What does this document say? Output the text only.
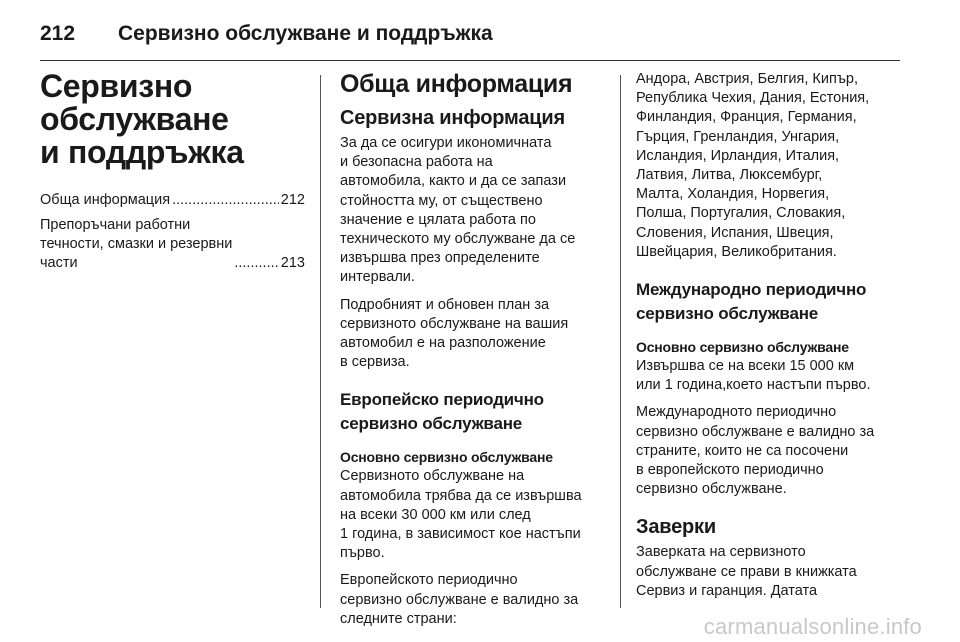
212	Сервизно обслужване и поддръжка
Сервизно
обслужване
и поддръжка
Обща информация .....	212
Препоръчани работни
течности, смазки и резервни
части .....	213
Обща информация
Сервизна информация

За да се осигури икономичната
и безопасна работа на
автомобила, както и да се запази
стойността му, от съществено
значение е цялата работа по
техническото му обслужване да се
извършва през определените
интервали.

Подробният и обновен план за
сервизното обслужване на вашия
автомобил е на разположение
в сервиза.

Европейско периодично
сервизно обслужване
Основно сервизно обслужване

Сервизното обслужване на
автомобила трябва да се извършва
на всеки 30 000 км или след
1 година, в зависимост кое настъпи
първо.

Европейското периодично
сервизно обслужване е валидно за
следните страни:

Андора, Австрия, Белгия, Кипър,
Република Чехия, Дания, Естония,
Финландия, Франция, Германия,
Гърция, Гренландия, Унгария,
Исландия, Ирландия, Италия,
Латвия, Литва, Люксембург,
Малта, Холандия, Норвегия,
Полша, Португалия, Словакия,
Словения, Испания, Швеция,
Швейцария, Великобритания.

Международно периодично
сервизно обслужване
Основно сервизно обслужване

Извършва се на всеки 15 000 км
или 1 година,което настъпи първо.

Международното периодично
сервизно обслужване е валидно за
страните, които не са посочени
в европейското периодично
сервизно обслужване.

Заверки

Заверката на сервизното
обслужване се прави в книжката
Сервиз и гаранция. Датата

carmanualsonline.info
